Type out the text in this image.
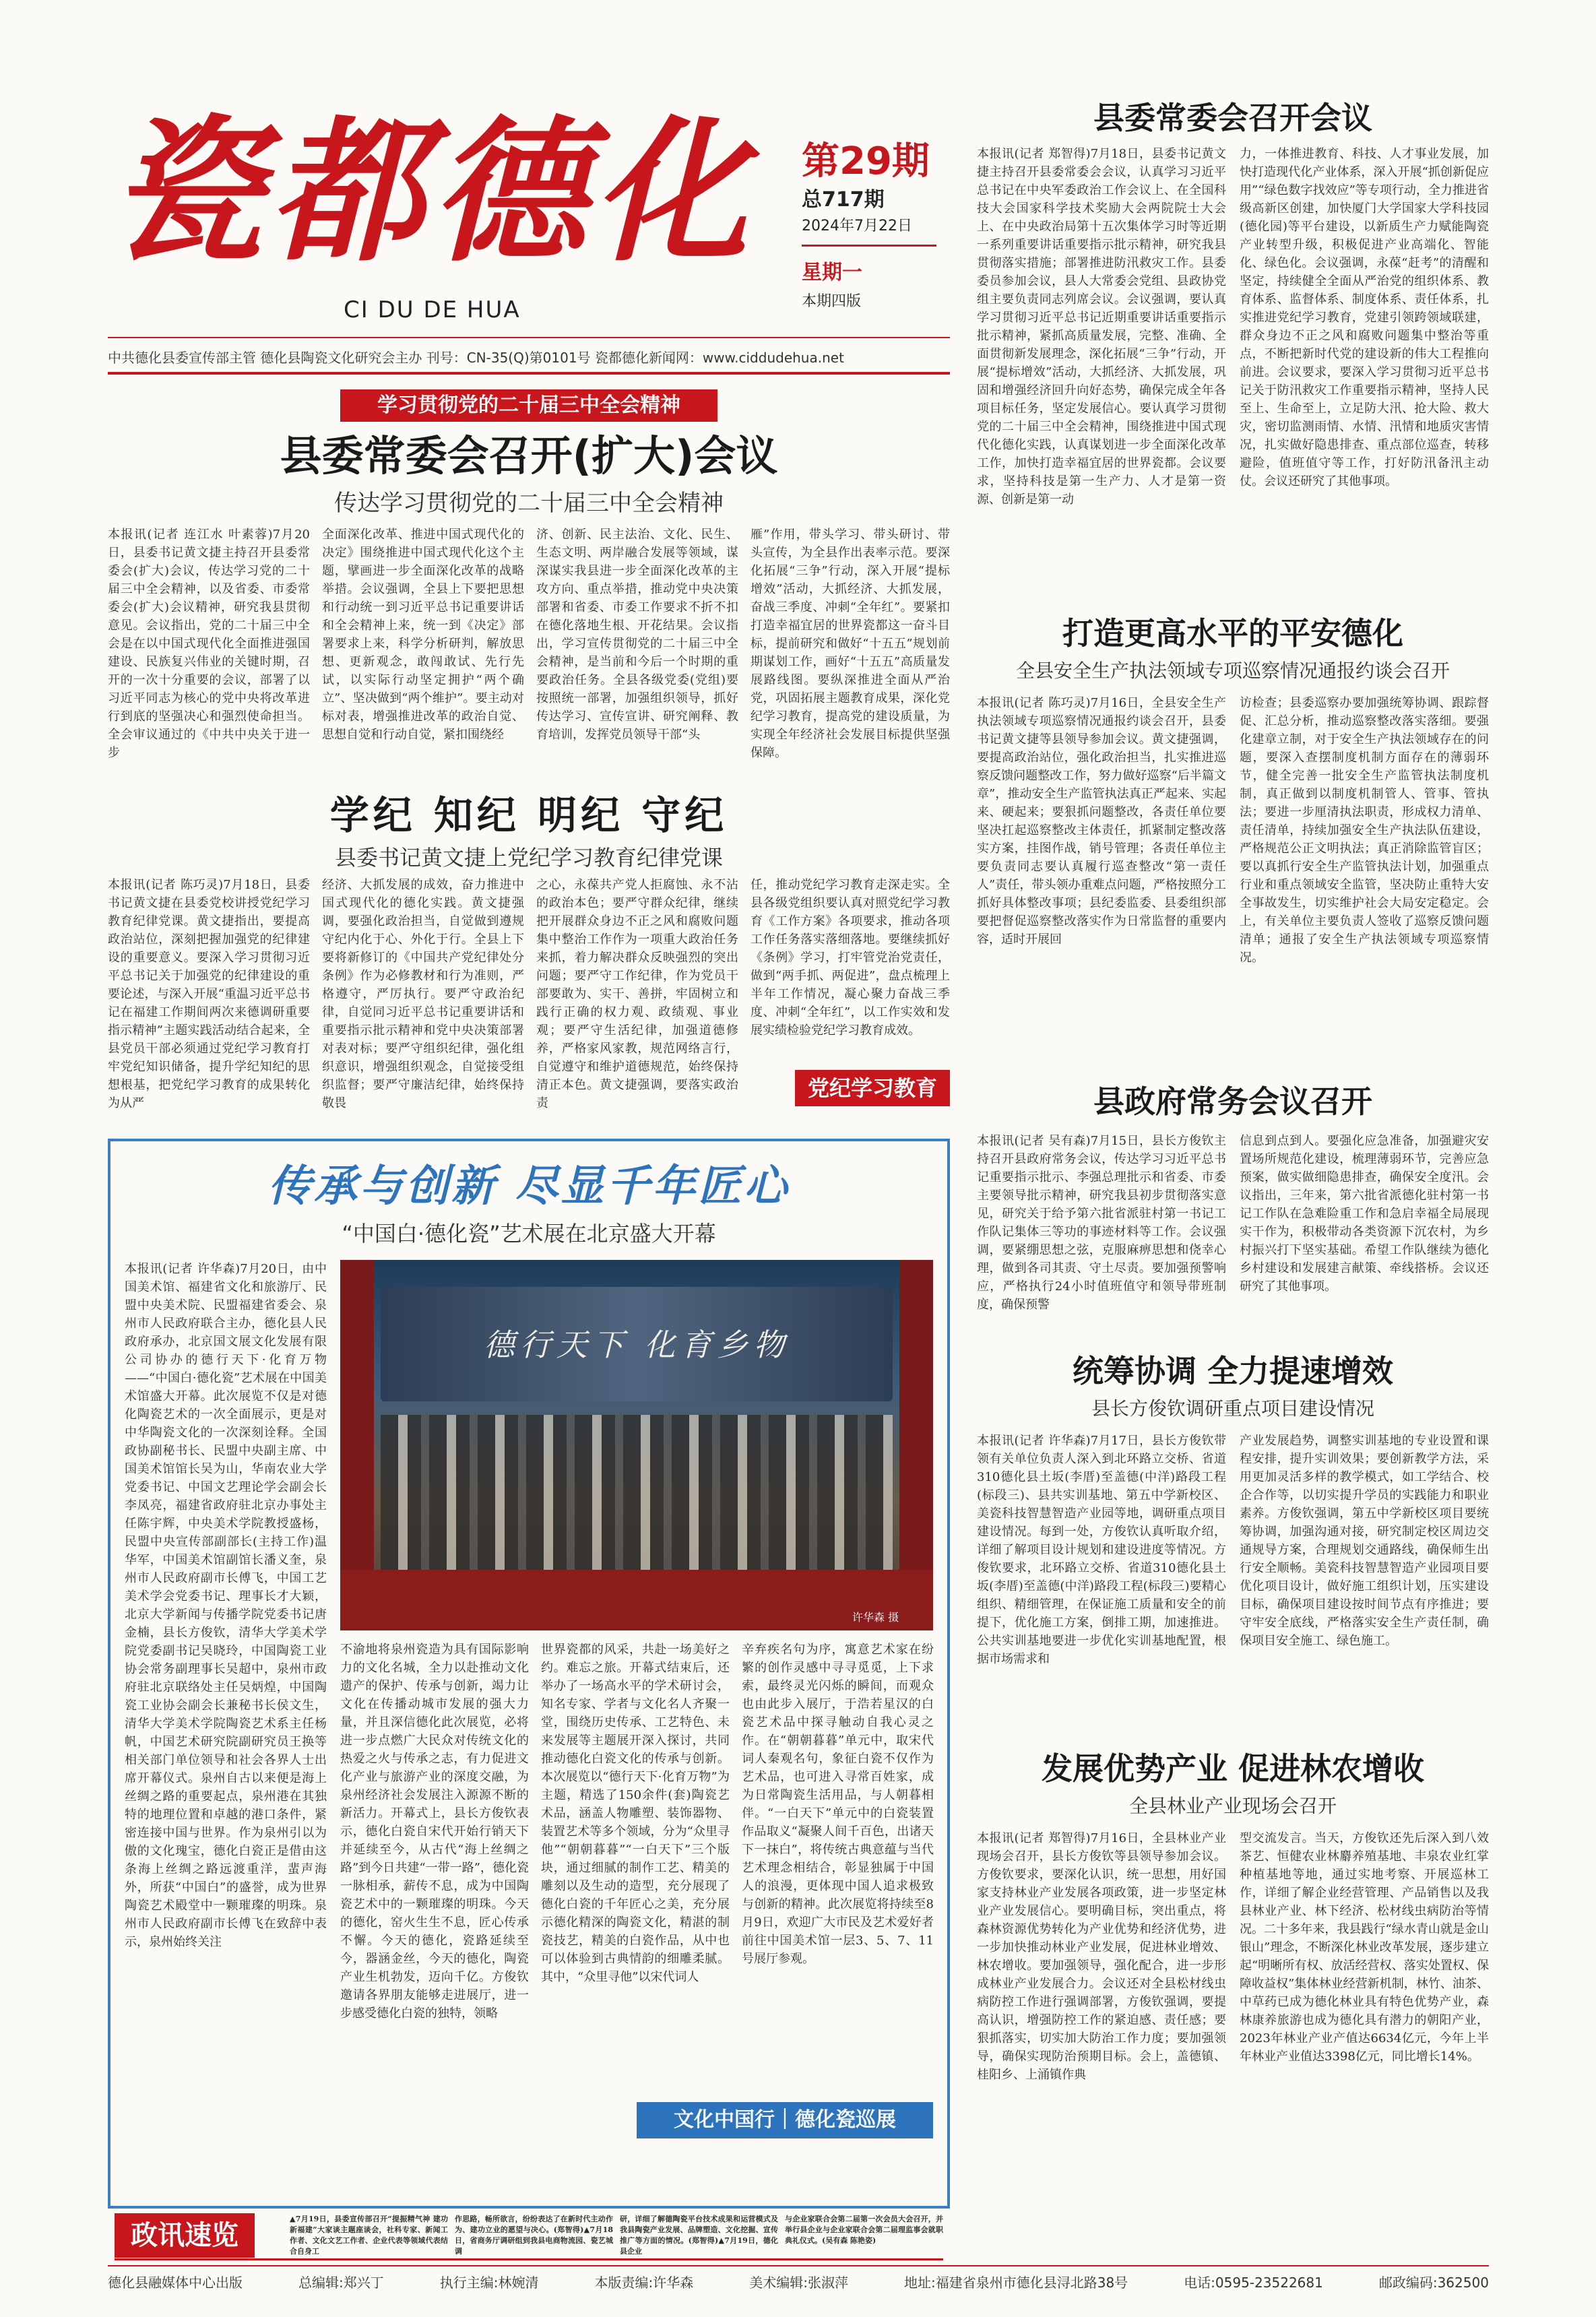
瓷都德化
CI DU DE HUA
第29期
总717期
2024年7月22日
星期一
本期四版
中共德化县委宣传部主管 德化县陶瓷文化研究会主办 刊号：CN-35(Q)第0101号 瓷都德化新闻网：www.ciddudehua.net
学习贯彻党的二十届三中全会精神
县委常委会召开(扩大)会议
传达学习贯彻党的二十届三中全会精神
本报讯(记者 连江水 叶素蓉)7月20日，县委书记黄文捷主持召开县委常委会(扩大)会议，传达学习党的二十届三中全会精神，以及省委、市委常委会(扩大)会议精神，研究我县贯彻意见。会议指出，党的二十届三中全会是在以中国式现代化全面推进强国建设、民族复兴伟业的关键时期，召开的一次十分重要的会议，部署了以习近平同志为核心的党中央将改革进行到底的坚强决心和强烈使命担当。全会审议通过的《中共中央关于进一步
全面深化改革、推进中国式现代化的决定》围绕推进中国式现代化这个主题，擘画进一步全面深化改革的战略举措。会议强调，全县上下要把思想和行动统一到习近平总书记重要讲话和全会精神上来，统一到《决定》部署要求上来，科学分析研判，解放思想、更新观念，敢闯敢试、先行先试，以实际行动坚定拥护“两个确立”、坚决做到“两个维护”。要主动对标对表，增强推进改革的政治自觉、思想自觉和行动自觉，紧扣围绕经
济、创新、民主法治、文化、民生、生态文明、两岸融合发展等领域，谋深谋实我县进一步全面深化改革的主攻方向、重点举措，推动党中央决策部署和省委、市委工作要求不折不扣在德化落地生根、开花结果。会议指出，学习宣传贯彻党的二十届三中全会精神，是当前和今后一个时期的重要政治任务。全县各级党委(党组)要按照统一部署，加强组织领导，抓好传达学习、宣传宣讲、研究阐释、教育培训，发挥党员领导干部“头
雁”作用，带头学习、带头研讨、带头宣传，为全县作出表率示范。要深化拓展“三争”行动，深入开展“提标增效”活动，大抓经济、大抓发展，奋战三季度、冲刺“全年红”。要紧扣打造幸福宜居的世界瓷都这一奋斗目标，提前研究和做好“十五五”规划前期谋划工作，画好“十五五”高质量发展路线图。要纵深推进全面从严治党，巩固拓展主题教育成果，深化党纪学习教育，提高党的建设质量，为实现全年经济社会发展目标提供坚强保障。
学纪 知纪 明纪 守纪
县委书记黄文捷上党纪学习教育纪律党课
本报讯(记者 陈巧灵)7月18日，县委书记黄文捷在县委党校讲授党纪学习教育纪律党课。黄文捷指出，要提高政治站位，深刻把握加强党的纪律建设的重要意义。要深入学习贯彻习近平总书记关于加强党的纪律建设的重要论述，与深入开展“重温习近平总书记在福建工作期间两次来德调研重要指示精神”主题实践活动结合起来，全县党员干部必须通过党纪学习教育打牢党纪知识储备，提升学纪知纪的思想根基，把党纪学习教育的成果转化为从严
经济、大抓发展的成效，奋力推进中国式现代化的德化实践。黄文捷强调，要强化政治担当，自觉做到遵规守纪内化于心、外化于行。全县上下要将新修订的《中国共产党纪律处分条例》作为必修教材和行为准则，严格遵守，严厉执行。要严守政治纪律，自觉同习近平总书记重要讲话和重要指示批示精神和党中央决策部署对表对标；要严守组织纪律，强化组织意识，增强组织观念，自觉接受组织监督；要严守廉洁纪律，始终保持敬畏
之心，永葆共产党人拒腐蚀、永不沾的政治本色；要严守群众纪律，继续把开展群众身边不正之风和腐败问题集中整治工作作为一项重大政治任务来抓，着力解决群众反映强烈的突出问题；要严守工作纪律，作为党员干部要敢为、实干、善拼，牢固树立和践行正确的权力观、政绩观、事业观；要严守生活纪律，加强道德修养，严格家风家教，规范网络言行，自觉遵守和维护道德规范，始终保持清正本色。黄文捷强调，要落实政治责
任，推动党纪学习教育走深走实。全县各级党组织要认真对照党纪学习教育《工作方案》各项要求，推动各项工作任务落实落细落地。要继续抓好《条例》学习，打牢管党治党责任，做到“两手抓、两促进”，盘点梳理上半年工作情况，凝心聚力奋战三季度、冲刺“全年红”，以工作实效和发展实绩检验党纪学习教育成效。
党纪学习教育
传承与创新 尽显千年匠心
“中国白·德化瓷”艺术展在北京盛大开幕
本报讯(记者 许华森)7月20日，由中国美术馆、福建省文化和旅游厅、民盟中央美术院、民盟福建省委会、泉州市人民政府联合主办，德化县人民政府承办，北京国文展文化发展有限公司协办的德行天下·化育万物——“中国白·德化瓷”艺术展在中国美术馆盛大开幕。此次展览不仅是对德化陶瓷艺术的一次全面展示，更是对中华陶瓷文化的一次深刻诠释。全国政协副秘书长、民盟中央副主席、中国美术馆馆长吴为山，华南农业大学党委书记、中国文艺理论学会副会长李凤亮，福建省政府驻北京办事处主任陈宇辉，中央美术学院教授盛杨，民盟中央宣传部副部长(主持工作)温华军，中国美术馆副馆长潘义奎，泉州市人民政府副市长傅飞，中国工艺美术学会党委书记、理事长才大颖，北京大学新闻与传播学院党委书记唐金楠，县长方俊钦，清华大学美术学院党委副书记吴晓玲，中国陶瓷工业协会常务副理事长吴超中，泉州市政府驻北京联络处主任吴炳煌，中国陶瓷工业协会副会长兼秘书长侯文生，清华大学美术学院陶瓷艺术系主任杨帆，中国艺术研究院副研究员王换等相关部门单位领导和社会各界人士出席开幕仪式。泉州自古以来便是海上丝绸之路的重要起点，泉州港在其独特的地理位置和卓越的港口条件，紧密连接中国与世界。作为泉州引以为傲的文化瑰宝，德化白瓷正是借由这条海上丝绸之路远渡重洋，蜚声海外，所获“中国白”的盛誉，成为世界陶瓷艺术殿堂中一颗璀璨的明珠。泉州市人民政府副市长傅飞在致辞中表示，泉州始终关注
德行天下 化育乡物
许华森 摄
不渝地将泉州瓷造为具有国际影响力的文化名城，全力以赴推动文化遗产的保护、传承与创新，竭力让文化在传播动城市发展的强大力量，并且深信德化此次展览，必将进一步点燃广大民众对传统文化的热爱之火与传承之志，有力促进文化产业与旅游产业的深度交融，为泉州经济社会发展注入源源不断的新活力。开幕式上，县长方俊钦表示，德化白瓷自宋代开始行销天下并延续至今，从古代“海上丝绸之路”到今日共建“一带一路”，德化瓷一脉相承，薪传不息，成为中国陶瓷艺术中的一颗璀璨的明珠。今天的德化，窑火生生不息，匠心传承不懈。今天的德化，瓷路延续至今，器涵金丝，今天的德化，陶瓷产业生机勃发，迈向千亿。方俊钦邀请各界朋友能够走进展厅，进一步感受德化白瓷的独特，领略
世界瓷都的风采，共赴一场美好之约。难忘之旅。开幕式结束后，还举办了一场高水平的学术研讨会，知名专家、学者与文化名人齐聚一堂，围绕历史传承、工艺特色、未来发展等主题展开深入探讨，共同推动德化白瓷文化的传承与创新。本次展览以“德行天下·化育万物”为主题，精选了150余件(套)陶瓷艺术品，涵盖人物雕塑、装饰器物、装置艺术等多个领域，分为“众里寻他”“朝朝暮暮”“一白天下”三个版块，通过细腻的制作工艺、精美的雕刻以及生动的造型，充分展现了德化白瓷的千年匠心之美，充分展示德化精深的陶瓷文化，精湛的制瓷技艺，精美的白瓷作品，从中也可以体验到古典情韵的细雕柔腻。其中，“众里寻他”以宋代词人
辛弃疾名句为序，寓意艺术家在纷繁的创作灵感中寻寻觅觅，上下求索，最终灵光闪烁的瞬间，而观众也由此步入展厅，于浩若星汉的白瓷艺术品中探寻触动自我心灵之作。在“朝朝暮暮”单元中，取宋代词人秦观名句，象征白瓷不仅作为艺术品，也可进入寻常百姓家，成为日常陶瓷生活用品，与人朝暮相伴。“一白天下”单元中的白瓷装置作品取义“凝聚人间千百色，出诸天下一抹白”，将传统古典意蕴与当代艺术理念相结合，彰显独属于中国人的浪漫，更体现中国人追求极致与创新的精神。此次展览将持续至8月9日，欢迎广大市民及艺术爱好者前往中国美术馆一层3、5、7、11号展厅参观。
文化中国行｜德化瓷巡展
政讯速览
县委常委会召开会议
本报讯(记者 郑智得)7月18日，县委书记黄文捷主持召开县委常委会会议，认真学习习近平总书记在中央军委政治工作会议上、在全国科技大会国家科学技术奖励大会两院院士大会上、在中央政治局第十五次集体学习时等近期一系列重要讲话重要指示批示精神，研究我县贯彻落实措施；部署推进防汛救灾工作。县委委员参加会议，县人大常委会党组、县政协党组主要负责同志列席会议。会议强调，要认真学习贯彻习近平总书记近期重要讲话重要指示批示精神，紧抓高质量发展，完整、准确、全面贯彻新发展理念，深化拓展“三争”行动，开展“提标增效”活动，大抓经济、大抓发展，巩固和增强经济回升向好态势，确保完成全年各项目标任务，坚定发展信心。要认真学习贯彻党的二十届三中全会精神，围绕推进中国式现代化德化实践，认真谋划进一步全面深化改革工作，加快打造幸福宜居的世界瓷都。会议要求，坚持科技是第一生产力、人才是第一资源、创新是第一动
力，一体推进教育、科技、人才事业发展，加快打造现代化产业体系，深入开展“抓创新促应用”“绿色数字找效应”等专项行动，全力推进省级高新区创建，加快厦门大学国家大学科技园(德化园)等平台建设，以新质生产力赋能陶瓷产业转型升级，积极促进产业高端化、智能化、绿色化。会议强调，永葆“赶考”的清醒和坚定，持续健全全面从严治党的组织体系、教育体系、监督体系、制度体系、责任体系，扎实推进党纪学习教育，党建引领跨领域联建，群众身边不正之风和腐败问题集中整治等重点，不断把新时代党的建设新的伟大工程推向前进。会议要求，要深入学习贯彻习近平总书记关于防汛救灾工作重要指示精神，坚持人民至上、生命至上，立足防大汛、抢大险、救大灾，密切监测雨情、水情、汛情和地质灾害情况，扎实做好隐患排查、重点部位巡查，转移避险，值班值守等工作，打好防汛备汛主动仗。会议还研究了其他事项。
打造更高水平的平安德化
全县安全生产执法领域专项巡察情况通报约谈会召开
本报讯(记者 陈巧灵)7月16日，全县安全生产执法领域专项巡察情况通报约谈会召开，县委书记黄文捷等县领导参加会议。黄文捷强调，要提高政治站位，强化政治担当，扎实推进巡察反馈问题整改工作，努力做好巡察“后半篇文章”，推动安全生产监管执法真正严起来、实起来、硬起来；要狠抓问题整改，各责任单位要坚决扛起巡察整改主体责任，抓紧制定整改落实方案，挂图作战，销号管理；各责任单位主要负责同志要认真履行巡查整改“第一责任人”责任，带头领办重难点问题，严格按照分工抓好具体整改事项；县纪委监委、县委组织部要把督促巡察整改落实作为日常监督的重要内容，适时开展回
访检查；县委巡察办要加强统筹协调、跟踪督促、汇总分析，推动巡察整改落实落细。要强化建章立制，对于安全生产执法领域存在的问题，要深入查摆制度机制方面存在的薄弱环节，健全完善一批安全生产监管执法制度机制，真正做到以制度机制管人、管事、管执法；要进一步厘清执法职责，形成权力清单、责任清单，持续加强安全生产执法队伍建设，严格规范公正文明执法；真正消除监管盲区；要以真抓行安全生产监管执法计划，加强重点行业和重点领域安全监管，坚决防止重特大安全事故发生，切实维护社会大局安定稳定。会上，有关单位主要负责人签收了巡察反馈问题清单；通报了安全生产执法领域专项巡察情况。
县政府常务会议召开
本报讯(记者 吴有森)7月15日，县长方俊钦主持召开县政府常务会议，传达学习习近平总书记重要指示批示、李强总理批示和省委、市委主要领导批示精神，研究我县初步贯彻落实意见，研究关于给予第六批省派驻村第一书记工作队记集体三等功的事迹材料等工作。会议强调，要紧绷思想之弦，克服麻痹思想和侥幸心理，做到各司其责、守土尽责。要加强预警响应，严格执行24小时值班值守和领导带班制度，确保预警
信息到点到人。要强化应急准备，加强避灾安置场所规范化建设，梳理薄弱环节，完善应急预案，做实做细隐患排查，确保安全度汛。会议指出，三年来，第六批省派德化驻村第一书记工作队在急难险重工作和急启幸福全局展现实干作为，积极带动各类资源下沉农村，为乡村振兴打下坚实基础。希望工作队继续为德化乡村建设和发展建言献策、牵线搭桥。会议还研究了其他事项。
统筹协调 全力提速增效
县长方俊钦调研重点项目建设情况
本报讯(记者 许华森)7月17日，县长方俊钦带领有关单位负责人深入到北环路立交桥、省道310德化县土坂(李厝)至盖德(中洋)路段工程(标段三)、县共实训基地、第五中学新校区、美瓷科技智慧智造产业园等地，调研重点项目建设情况。每到一处，方俊钦认真听取介绍，详细了解项目设计规划和建设进度等情况。方俊钦要求，北环路立交桥、省道310德化县土坂(李厝)至盖德(中洋)路段工程(标段三)要精心组织、精细管理，在保证施工质量和安全的前提下，优化施工方案，倒排工期，加速推进。公共实训基地要进一步优化实训基地配置，根据市场需求和
产业发展趋势，调整实训基地的专业设置和课程安排，提升实训效果；要创新教学方法，采用更加灵活多样的教学模式，如工学结合、校企合作等，以切实提升学员的实践能力和职业素养。方俊钦强调，第五中学新校区项目要统筹协调，加强沟通对接，研究制定校区周边交通规导方案，合理规划交通路线，确保师生出行安全顺畅。美瓷科技智慧智造产业园项目要优化项目设计，做好施工组织计划，压实建设目标，确保项目建设按时间节点有序推进；要守牢安全底线，严格落实安全生产责任制，确保项目安全施工、绿色施工。
发展优势产业 促进林农增收
全县林业产业现场会召开
本报讯(记者 郑智得)7月16日，全县林业产业现场会召开，县长方俊钦等县领导参加会议。方俊钦要求，要深化认识，统一思想，用好国家支持林业产业发展各项政策，进一步坚定林业产业发展信心。要明确目标，突出重点，将森林资源优势转化为产业优势和经济优势，进一步加快推动林业产业发展，促进林业增效、林农增收。要加强领导，强化配合，进一步形成林业产业发展合力。会议还对全县松材线虫病防控工作进行强调部署，方俊钦强调，要提高认识，增强防控工作的紧迫感、责任感；要狠抓落实，切实加大防治工作力度；要加强领导，确保实现防治预期目标。会上，盖德镇、桂阳乡、上涌镇作典
型交流发言。当天，方俊钦还先后深入到八效茶艺、恒健农业林麝养殖基地、丰泉农业红掌种植基地等地，通过实地考察、开展巡林工作，详细了解企业经营管理、产品销售以及我县林业产业、林下经济、松材线虫病防治等情况。二十多年来，我县践行“绿水青山就是金山银山”理念，不断深化林业改革发展，逐步建立起“明晰所有权、放活经营权、落实处置权、保障收益权”集体林业经营新机制，林竹、油茶、中草药已成为德化林业具有特色优势产业，森林康养旅游也成为德化具有潜力的朝阳产业，2023年林业产业产值达6634亿元，今年上半年林业产业值达3398亿元，同比增长14%。
德化县融媒体中心出版	总编辑:郑兴丁	执行主编:林婉清	本版责编:许华森	美术编辑:张淑萍	地址:福建省泉州市德化县浔北路38号	电话:0595-23522681	邮政编码:362500
▲7月19日，县委宣传部召开“提振精气神 建功新福建”大家谈主题座谈会，社科专家、新闻工作者、文化文艺工作者、企业代表等领域代表结合自身工
作思路，畅所欲言，纷纷表达了在新时代主动作为、建功立业的愿望与决心。(郑智得)▲7月18日，省商务厅调研组到我县电商物流园、瓷艺城调
研，详细了解德陶瓷平台技术成果和运营模式及我县陶瓷产业发展、品牌塑造、文化挖掘、宣传推广等方面的情况。(郑智得)▲7月19日，德化县企业
与企业家联合会第二届第一次会员大会召开，并举行县企业与企业家联合会第二届理监事会就职典礼仪式。(吴有森 陈艳姿)
